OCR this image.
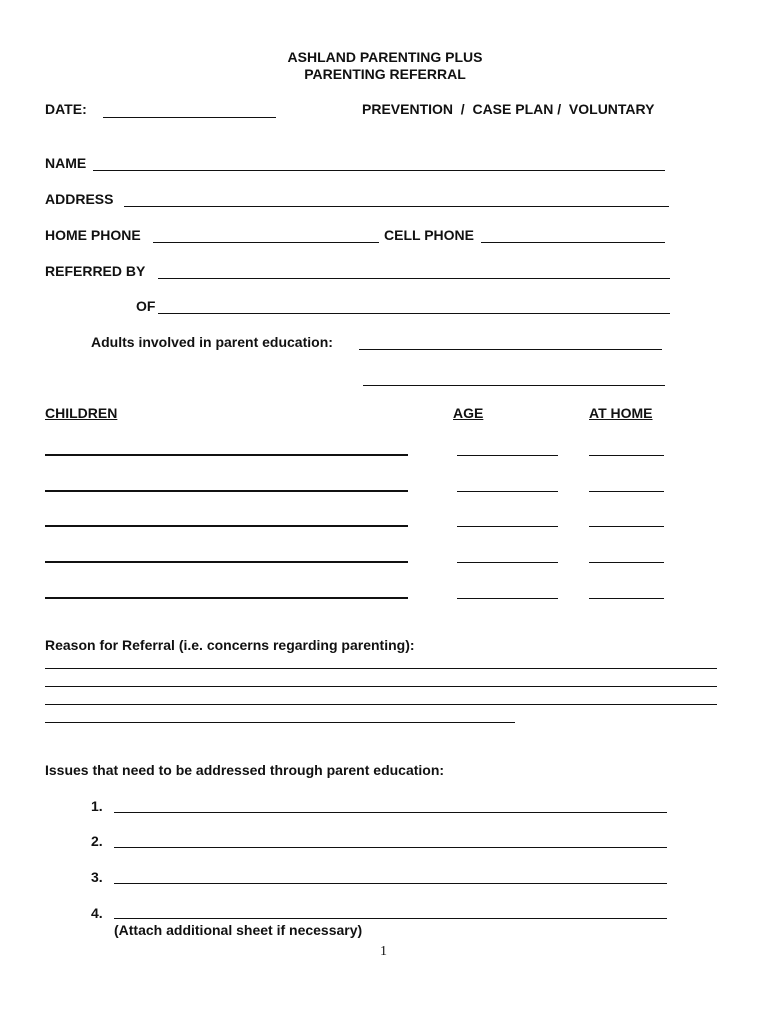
ASHLAND PARENTING PLUS
PARENTING REFERRAL
DATE:	PREVENTION  /  CASE PLAN /  VOLUNTARY
NAME
ADDRESS
HOME PHONE	CELL PHONE
REFERRED BY
OF
Adults involved in parent education:
CHILDREN	AGE	AT HOME
Reason for Referral (i.e. concerns regarding parenting):
Issues that need to be addressed through parent education:
1.
2.
3.
4.
(Attach additional sheet if necessary)
1
